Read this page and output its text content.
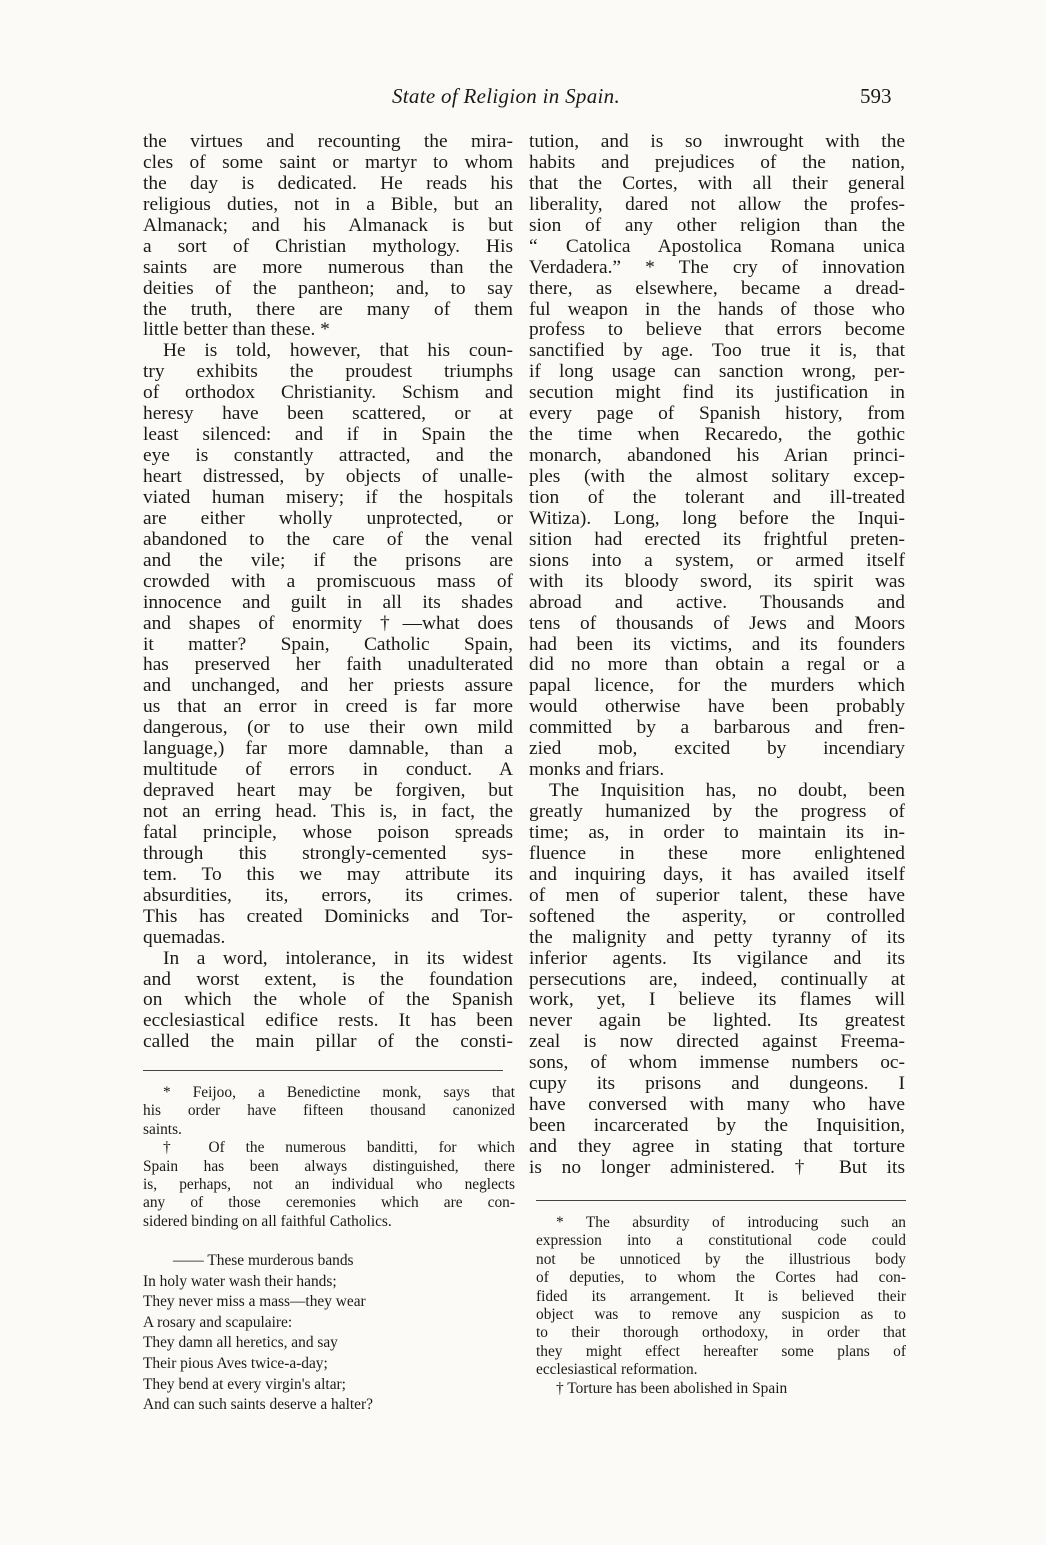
State of Religion in Spain.	593
the virtues and recounting the mira-
cles of some saint or martyr to whom
the day is dedicated. He reads his
religious duties, not in a Bible, but an
Almanack; and his Almanack is but
a sort of Christian mythology. His
saints are more numerous than the
deities of the pantheon; and, to say
the truth, there are many of them
little better than these. *
He is told, however, that his coun-
try exhibits the proudest triumphs
of orthodox Christianity. Schism and
heresy have been scattered, or at
least silenced: and if in Spain the
eye is constantly attracted, and the
heart distressed, by objects of unalle-
viated human misery; if the hospitals
are either wholly unprotected, or
abandoned to the care of the venal
and the vile; if the prisons are
crowded with a promiscuous mass of
innocence and guilt in all its shades
and shapes of enormity †—what does
it matter? Spain, Catholic Spain,
has preserved her faith unadulterated
and unchanged, and her priests assure
us that an error in creed is far more
dangerous, (or to use their own mild
language,) far more damnable, than a
multitude of errors in conduct. A
depraved heart may be forgiven, but
not an erring head. This is, in fact, the
fatal principle, whose poison spreads
through this strongly-cemented sys-
tem. To this we may attribute its
absurdities, its, errors, its crimes.
This has created Dominicks and Tor-
quemadas.
In a word, intolerance, in its widest
and worst extent, is the foundation
on which the whole of the Spanish
ecclesiastical edifice rests. It has been
called the main pillar of the consti-
tution, and is so inwrought with the
habits and prejudices of the nation,
that the Cortes, with all their general
liberality, dared not allow the profes-
sion of any other religion than the
“ Catolica Apostolica Romana unica
Verdadera.” * The cry of innovation
there, as elsewhere, became a dread-
ful weapon in the hands of those who
profess to believe that errors become
sanctified by age. Too true it is, that
if long usage can sanction wrong, per-
secution might find its justification in
every page of Spanish history, from
the time when Recaredo, the gothic
monarch, abandoned his Arian princi-
ples (with the almost solitary excep-
tion of the tolerant and ill-treated
Witiza). Long, long before the Inqui-
sition had erected its frightful preten-
sions into a system, or armed itself
with its bloody sword, its spirit was
abroad and active. Thousands and
tens of thousands of Jews and Moors
had been its victims, and its founders
did no more than obtain a regal or a
papal licence, for the murders which
would otherwise have been probably
committed by a barbarous and fren-
zied mob, excited by incendiary
monks and friars.
The Inquisition has, no doubt, been
greatly humanized by the progress of
time; as, in order to maintain its in-
fluence in these more enlightened
and inquiring days, it has availed itself
of men of superior talent, these have
softened the asperity, or controlled
the malignity and petty tyranny of its
inferior agents. Its vigilance and its
persecutions are, indeed, continually at
work, yet, I believe its flames will
never again be lighted. Its greatest
zeal is now directed against Freema-
sons, of whom immense numbers oc-
cupy its prisons and dungeons. I
have conversed with many who have
been incarcerated by the Inquisition,
and they agree in stating that torture
is no longer administered. † But its
* Feijoo, a Benedictine monk, says that
his order have fifteen thousand canonized
saints.
† Of the numerous banditti, for which
Spain has been always distinguished, there
is, perhaps, not an individual who neglects
any of those ceremonies which are con-
sidered binding on all faithful Catholics.
—— These murderous bands
In holy water wash their hands;
They never miss a mass—they wear
A rosary and scapulaire:
They damn all heretics, and say
Their pious Aves twice-a-day;
They bend at every virgin's altar;
And can such saints deserve a halter?
* The absurdity of introducing such an
expression into a constitutional code could
not be unnoticed by the illustrious body
of deputies, to whom the Cortes had con-
fided its arrangement. It is believed their
object was to remove any suspicion as to
to their thorough orthodoxy, in order that
they might effect hereafter some plans of
ecclesiastical reformation.
† Torture has been abolished in Spain
